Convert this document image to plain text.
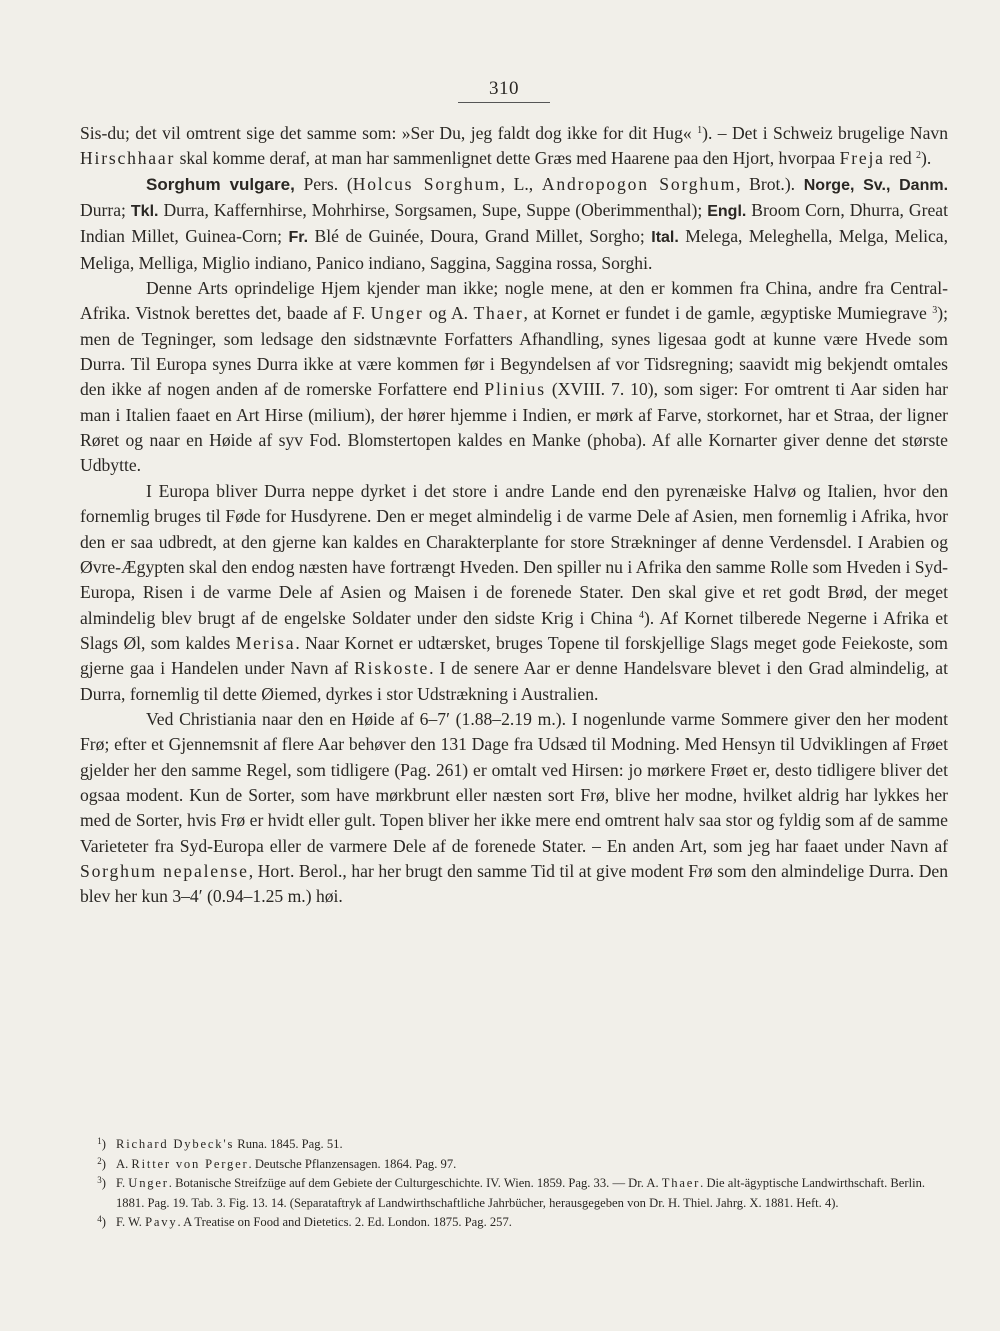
310

Sis-du; det vil omtrent sige det samme som: »Ser Du, jeg faldt dog ikke for dit Hug« $^1$). – Det i Schweiz brugelige Navn Hirschhaar skal komme deraf, at man har sammenlignet dette Græs med Haarene paa den Hjort, hvorpaa Freja red $^2$).

Sorghum vulgare, Pers. (Holcus Sorghum, L., Andropogon Sorghum, Brot.). Norge, Sv., Danm. Durra; Tkl. Durra, Kaffernhirse, Mohrhirse, Sorgsamen, Supe, Suppe (Oberimmenthal); Engl. Broom Corn, Dhurra, Great Indian Millet, Guinea-Corn; Fr. Blé de Guinée, Doura, Grand Millet, Sorgho; Ital. Melega, Meleghella, Melga, Melica, Meliga, Melliga, Miglio indiano, Panico indiano, Saggina, Saggina rossa, Sorghi.

Denne Arts oprindelige Hjem kjender man ikke; nogle mene, at den er kommen fra China, andre fra Central-Afrika. Vistnok berettes det, baade af F. Unger og A. Thaer, at Kornet er fundet i de gamle, ægyptiske Mumiegrave $^3$); men de Tegninger, som ledsage den sidstnævnte Forfatters Afhandling, synes ligesaa godt at kunne være Hvede som Durra. Til Europa synes Durra ikke at være kommen før i Begyndelsen af vor Tidsregning; saavidt mig bekjendt omtales den ikke af nogen anden af de romerske Forfattere end Plinius (XVIII. 7. 10), som siger: For omtrent ti Aar siden har man i Italien faaet en Art Hirse (milium), der hører hjemme i Indien, er mørk af Farve, storkornet, har et Straa, der ligner Røret og naar en Høide af syv Fod. Blomstertopen kaldes en Manke (phoba). Af alle Kornarter giver denne det største Udbytte.

I Europa bliver Durra neppe dyrket i det store i andre Lande end den pyrenæiske Halvø og Italien, hvor den fornemlig bruges til Føde for Husdyrene. Den er meget almindelig i de varme Dele af Asien, men fornemlig i Afrika, hvor den er saa udbredt, at den gjerne kan kaldes en Charakterplante for store Strækninger af denne Verdensdel. I Arabien og Øvre-Ægypten skal den endog næsten have fortrængt Hveden. Den spiller nu i Afrika den samme Rolle som Hveden i Syd-Europa, Risen i de varme Dele af Asien og Maisen i de forenede Stater. Den skal give et ret godt Brød, der meget almindelig blev brugt af de engelske Soldater under den sidste Krig i China $^4$). Af Kornet tilberede Negerne i Afrika et Slags Øl, som kaldes Merisa. Naar Kornet er udtærsket, bruges Topene til forskjellige Slags meget gode Feiekoste, som gjerne gaa i Handelen under Navn af Riskoste. I de senere Aar er denne Handelsvare blevet i den Grad almindelig, at Durra, fornemlig til dette Øiemed, dyrkes i stor Udstrækning i Australien.

Ved Christiania naar den en Høide af 6–7′ (1.88–2.19 m.). I nogenlunde varme Sommere giver den her modent Frø; efter et Gjennemsnit af flere Aar behøver den 131 Dage fra Udsæd til Modning. Med Hensyn til Udviklingen af Frøet gjelder her den samme Regel, som tidligere (Pag. 261) er omtalt ved Hirsen: jo mørkere Frøet er, desto tidligere bliver det ogsaa modent. Kun de Sorter, som have mørkbrunt eller næsten sort Frø, blive her modne, hvilket aldrig har lykkes her med de Sorter, hvis Frø er hvidt eller gult. Topen bliver her ikke mere end omtrent halv saa stor og fyldig som af de samme Varieteter fra Syd-Europa eller de varmere Dele af de forenede Stater. – En anden Art, som jeg har faaet under Navn af Sorghum nepalense, Hort. Berol., har her brugt den samme Tid til at give modent Frø som den almindelige Durra. Den blev her kun 3–4′ (0.94–1.25 m.) høi.

$^1$) Richard Dybeck's Runa. 1845. Pag. 51.
$^2$) A. Ritter von Perger. Deutsche Pflanzensagen. 1864. Pag. 97.
$^3$) F. Unger. Botanische Streifzüge auf dem Gebiete der Culturgeschichte. IV. Wien. 1859. Pag. 33. — Dr. A. Thaer. Die alt-ägyptische Landwirthschaft. Berlin. 1881. Pag. 19. Tab. 3. Fig. 13. 14. (Separataftryk af Landwirthschaftliche Jahrbücher, herausgegeben von Dr. H. Thiel. Jahrg. X. 1881. Heft. 4).
$^4$) F. W. Pavy. A Treatise on Food and Dietetics. 2. Ed. London. 1875. Pag. 257.
